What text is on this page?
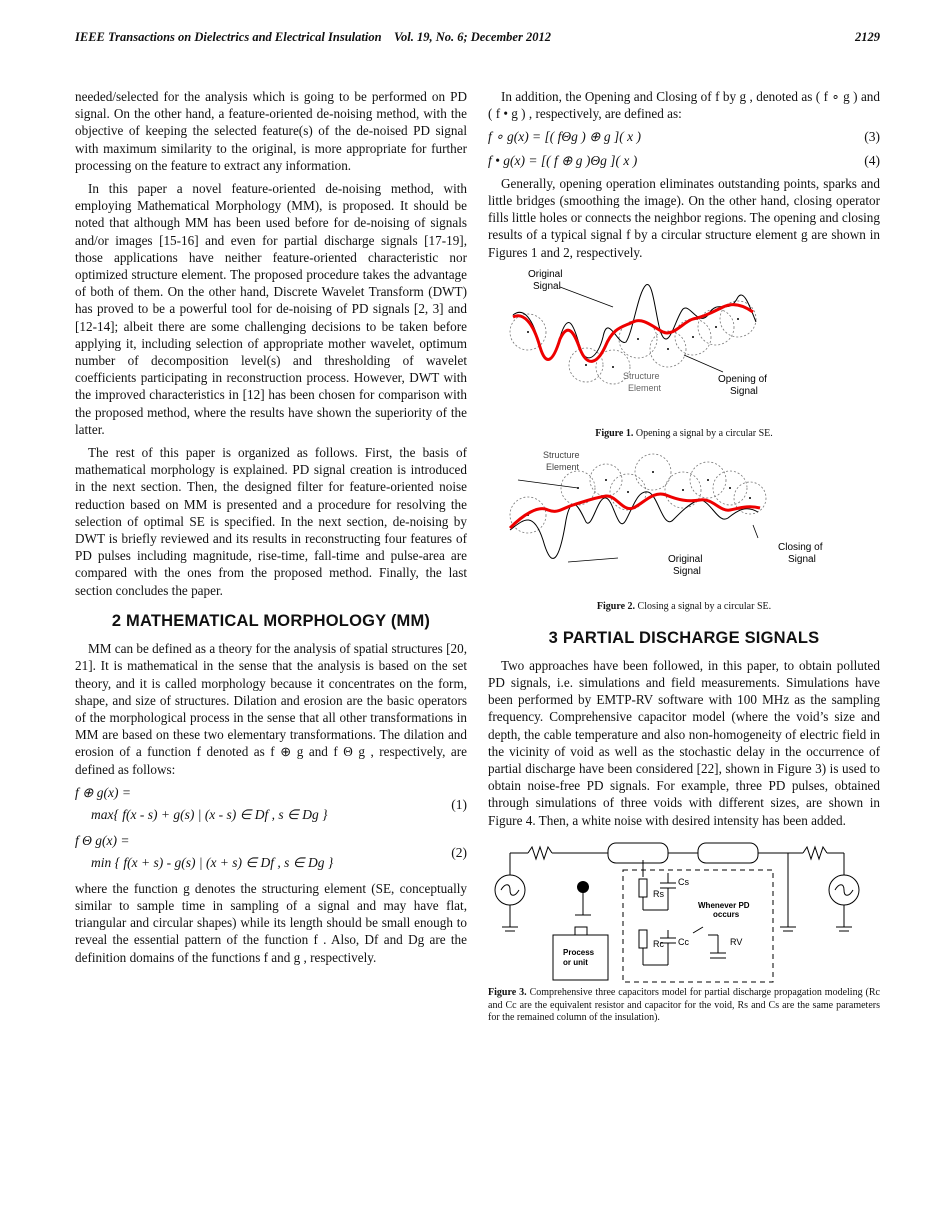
IEEE Transactions on Dielectrics and Electrical Insulation Vol. 19, No. 6; December 2012	2129

needed/selected for the analysis which is going to be performed on PD signal. On the other hand, a feature-oriented de-noising method, with the objective of keeping the selected feature(s) of the de-noised PD signal with maximum similarity to the original, is more appropriate for further processing on the feature to extract any information.

In this paper a novel feature-oriented de-noising method, with employing Mathematical Morphology (MM), is proposed. It should be noted that although MM has been used before for de-noising of signals and/or images [15-16] and even for partial discharge signals [17-19], those applications have neither feature-oriented characteristic nor optimized structure element. The proposed procedure takes the advantage of both of them. On the other hand, Discrete Wavelet Transform (DWT) has proved to be a powerful tool for de-noising of PD signals [2, 3] and [12-14]; albeit there are some challenging decisions to be taken before applying it, including selection of appropriate mother wavelet, optimum number of decomposition level(s) and thresholding of wavelet coefficients participating in reconstruction process. However, DWT with the improved characteristics in [12] has been chosen for comparison with the proposed method, where the results have shown the superiority of the latter.

The rest of this paper is organized as follows. First, the basis of mathematical morphology is explained. PD signal creation is introduced in the next section. Then, the designed filter for feature-oriented noise reduction based on MM is presented and a procedure for resolving the selection of optimal SE is specified. In the next section, de-noising by DWT is briefly reviewed and its results in reconstructing four features of PD pulses including magnitude, rise-time, fall-time and pulse-area are compared with the ones from the proposed method. Finally, the last section concludes the paper.

2 MATHEMATICAL MORPHOLOGY (MM)

MM can be defined as a theory for the analysis of spatial structures [20, 21]. It is mathematical in the sense that the analysis is based on the set theory, and it is called morphology because it concentrates on the form, shape, and size of structures. Dilation and erosion are the basic operators of the morphological process in the sense that all other transformations in MM are based on these two elementary transformations. The dilation and erosion of a function f denoted as f ⊕ g and f Θ g , respectively, are defined as follows:

f ⊕ g(x) =
max{ f(x - s) + g(s) | (x - s) ∈ Df , s ∈ Dg }
(1)
f Θ g(x) =
min { f(x + s) - g(s) | (x + s) ∈ Df , s ∈ Dg }
(2)

where the function g denotes the structuring element (SE, conceptually similar to sample time in sampling of a signal and may have flat, triangular and circular shapes) while its length should be small enough to reveal the essential pattern of the function f . Also, Df and Dg are the definition domains of the functions f and g , respectively.

In addition, the Opening and Closing of f by g , denoted as ( f ∘ g ) and ( f • g ) , respectively, are defined as:

f ∘ g(x) = [( fΘg ) ⊕ g ]( x )	(3)
f • g(x) = [( f ⊕ g )Θg ]( x )	(4)

Generally, opening operation eliminates outstanding points, sparks and little bridges (smoothing the image). On the other hand, closing operator fills little holes or connects the neighbor regions. The opening and closing results of a typical signal f by a circular structure element g are shown in Figures 1 and 2, respectively.

Original
Signal
Structure
Element
Opening of
Signal
Figure 1. Opening a signal by a circular SE.
Structure
Element
Original
Signal
Closing of
Signal
Figure 2. Closing a signal by a circular SE.
3 PARTIAL DISCHARGE SIGNALS

Two approaches have been followed, in this paper, to obtain polluted PD signals, i.e. simulations and field measurements. Simulations have been performed by EMTP-RV software with 100 MHz as the sampling frequency. Comprehensive capacitor model (where the void’s size and depth, the cable temperature and also non-homogeneity of electric field in the vicinity of void as well as the stochastic delay in the occurrence of partial discharge have been considered [22], shown in Figure 3) is used to obtain noise-free PD signals. For example, three PD pulses, obtained through simulations of three voids with different sizes, are shown in Figure 4. Then, a white noise with desired intensity has been added.

Rs
Cs
Rc Cc	RV
Whenever PD
occurs
Process
or unit
Figure 3. Comprehensive three capacitors model for partial discharge propagation modeling (Rc and Cc are the equivalent resistor and capacitor for the void, Rs and Cs are the same parameters for the remained column of the insulation).
